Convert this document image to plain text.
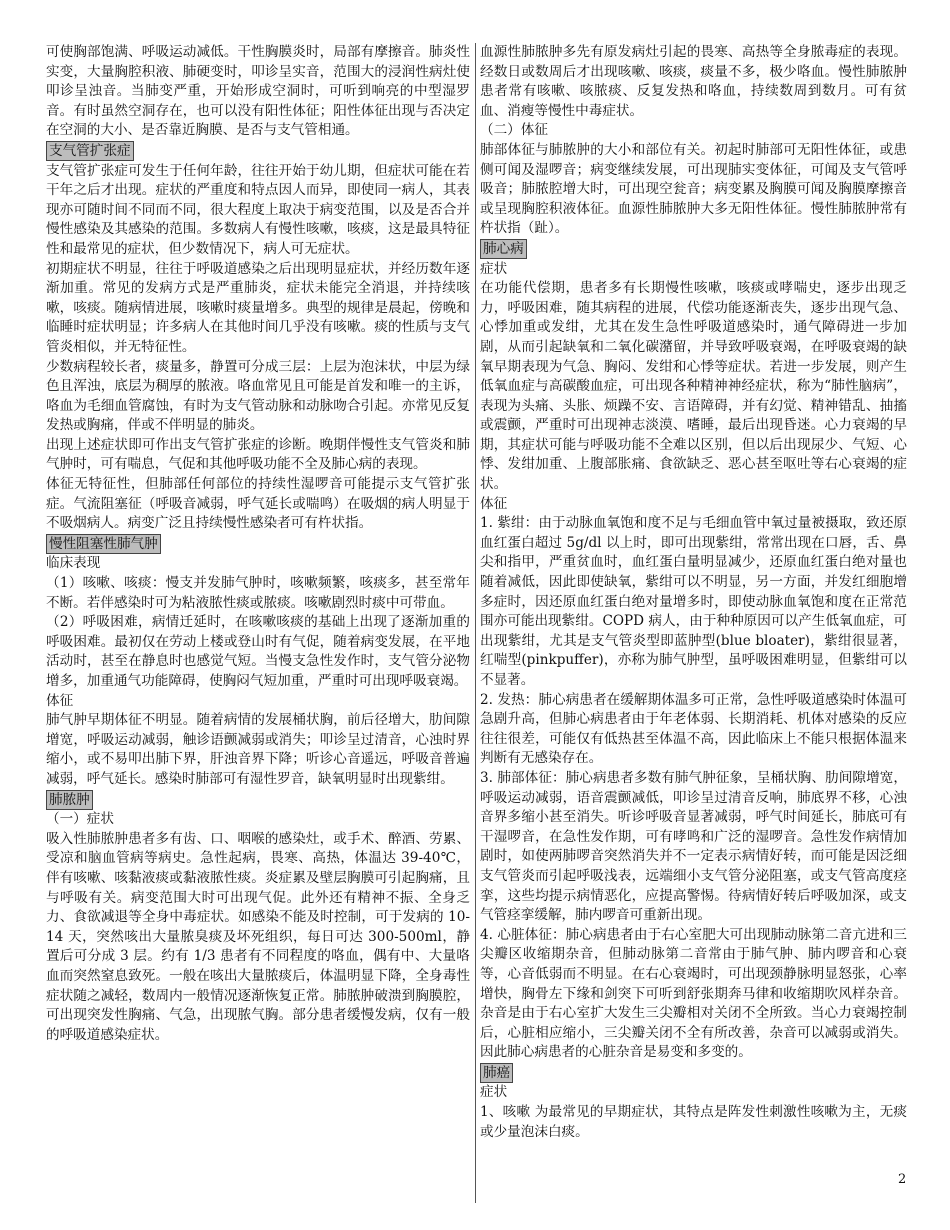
可使胸部饱满、呼吸运动减低。干性胸膜炎时，局部有摩擦音。肺炎性实变，大量胸腔积液、肺硬变时，叩诊呈实音，范围大的浸润性病灶使叩诊呈浊音。当肺变严重，开始形成空洞时，可听到响亮的中型湿罗音。有时虽然空洞存在，也可以没有阳性体征；阳性体征出现与否决定在空洞的大小、是否靠近胸膜、是否与支气管相通。

支气管扩张症

支气管扩张症可发生于任何年龄，往往开始于幼儿期，但症状可能在若干年之后才出现。症状的严重度和特点因人而异，即使同一病人，其表现亦可随时间不同而不同，很大程度上取决于病变范围，以及是否合并慢性感染及其感染的范围。多数病人有慢性咳嗽，咳痰，这是最具特征性和最常见的症状，但少数情况下，病人可无症状。

初期症状不明显，往往于呼吸道感染之后出现明显症状，并经历数年逐渐加重。常见的发病方式是严重肺炎，症状未能完全消退，并持续咳嗽，咳痰。随病情进展，咳嗽时痰量增多。典型的规律是晨起，傍晚和临睡时症状明显；许多病人在其他时间几乎没有咳嗽。痰的性质与支气管炎相似，并无特征性。

少数病程较长者，痰量多，静置可分成三层：上层为泡沫状，中层为绿色且浑浊，底层为稠厚的脓液。咯血常见且可能是首发和唯一的主诉，咯血为毛细血管腐蚀，有时为支气管动脉和动脉吻合引起。亦常见反复发热或胸痛，伴或不伴明显的肺炎。

出现上述症状即可作出支气管扩张症的诊断。晚期伴慢性支气管炎和肺气肿时，可有喘息，气促和其他呼吸功能不全及肺心病的表现。

体征无特征性，但肺部任何部位的持续性湿啰音可能提示支气管扩张症。气流阻塞征（呼吸音减弱，呼气延长或喘鸣）在吸烟的病人明显于不吸烟病人。病变广泛且持续慢性感染者可有杵状指。

慢性阻塞性肺气肿

临床表现

（1）咳嗽、咳痰：慢支并发肺气肿时，咳嗽频繁，咳痰多，甚至常年不断。若伴感染时可为粘液脓性痰或脓痰。咳嗽剧烈时痰中可带血。

（2）呼吸困难，病情迁延时，在咳嗽咳痰的基础上出现了逐渐加重的呼吸困难。最初仅在劳动上楼或登山时有气促，随着病变发展，在平地活动时，甚至在静息时也感觉气短。当慢支急性发作时，支气管分泌物增多，加重通气功能障碍，使胸闷气短加重，严重时可出现呼吸衰竭。

体征

肺气肿早期体征不明显。随着病情的发展桶状胸，前后径增大，肋间隙增宽，呼吸运动减弱，触诊语颤减弱或消失；叩诊呈过清音，心浊时界缩小，或不易叩出肺下界，肝浊音界下降；听诊心音遥远，呼吸音普遍减弱，呼气延长。感染时肺部可有湿性罗音，缺氧明显时出现紫绀。

肺脓肿

（一）症状

吸入性肺脓肿患者多有齿、口、咽喉的感染灶，或手术、醉酒、劳累、受凉和脑血管病等病史。急性起病，畏寒、高热，体温达 39-40℃，伴有咳嗽、咳黏液痰或黏液脓性痰。炎症累及壁层胸膜可引起胸痛，且与呼吸有关。病变范围大时可出现气促。此外还有精神不振、全身乏力、食欲减退等全身中毒症状。如感染不能及时控制，可于发病的 10-14 天，突然咳出大量脓臭痰及坏死组织，每日可达 300-500ml，静置后可分成 3 层。约有 1/3 患者有不同程度的咯血，偶有中、大量咯血而突然窒息致死。一般在咳出大量脓痰后，体温明显下降，全身毒性症状随之减轻，数周内一般情况逐渐恢复正常。肺脓肿破溃到胸膜腔，可出现突发性胸痛、气急，出现脓气胸。部分患者缓慢发病，仅有一般的呼吸道感染症状。

血源性肺脓肿多先有原发病灶引起的畏寒、高热等全身脓毒症的表现。经数日或数周后才出现咳嗽、咳痰，痰量不多，极少咯血。慢性肺脓肿患者常有咳嗽、咳脓痰、反复发热和咯血，持续数周到数月。可有贫血、消瘦等慢性中毒症状。

（二）体征

肺部体征与肺脓肿的大小和部位有关。初起时肺部可无阳性体征，或患侧可闻及湿啰音；病变继续发展，可出现肺实变体征，可闻及支气管呼吸音；肺脓腔增大时，可出现空瓮音；病变累及胸膜可闻及胸膜摩擦音或呈现胸腔积液体征。血源性肺脓肿大多无阳性体征。慢性肺脓肿常有杵状指（趾）。

肺心病

症状

在功能代偿期，患者多有长期慢性咳嗽，咳痰或哮喘史，逐步出现乏力，呼吸困难，随其病程的进展，代偿功能逐渐丧失，逐步出现气急、心悸加重或发绀，尤其在发生急性呼吸道感染时，通气障碍进一步加剧，从而引起缺氧和二氧化碳潴留，并导致呼吸衰竭，在呼吸衰竭的缺氧早期表现为气急、胸闷、发绀和心悸等症状。若进一步发展，则产生低氧血症与高碳酸血症，可出现各种精神神经症状，称为“肺性脑病”，表现为头痛、头胀、烦躁不安、言语障碍，并有幻觉、精神错乱、抽搐或震颤，严重时可出现神志淡漠、嗜睡，最后出现昏迷。心力衰竭的早期，其症状可能与呼吸功能不全难以区别，但以后出现尿少、气短、心悸、发绀加重、上腹部胀痛、食欲缺乏、恶心甚至呕吐等右心衰竭的症状。

体征

1. 紫绀：由于动脉血氧饱和度不足与毛细血管中氧过量被摄取，致还原血红蛋白超过 5g/dl 以上时，即可出现紫绀，常常出现在口唇，舌、鼻尖和指甲，严重贫血时，血红蛋白量明显减少，还原血红蛋白绝对量也随着减低，因此即使缺氧，紫绀可以不明显，另一方面，并发红细胞增多症时，因还原血红蛋白绝对量增多时，即使动脉血氧饱和度在正常范围亦可能出现紫绀。COPD 病人，由于种种原因可以产生低氧血症，可出现紫绀，尤其是支气管炎型即蓝肿型(blue bloater)，紫绀很显著，红喘型(pinkpuffer)，亦称为肺气肿型，虽呼吸困难明显，但紫绀可以不显著。

2. 发热：肺心病患者在缓解期体温多可正常，急性呼吸道感染时体温可急剧升高，但肺心病患者由于年老体弱、长期消耗、机体对感染的反应往往很差，可能仅有低热甚至体温不高，因此临床上不能只根据体温来判断有无感染存在。

3. 肺部体征：肺心病患者多数有肺气肿征象，呈桶状胸、肋间隙增宽，呼吸运动减弱，语音震颤减低，叩诊呈过清音反响，肺底界不移，心浊音界多缩小甚至消失。听诊呼吸音显著减弱，呼气时间延长，肺底可有干湿啰音，在急性发作期，可有哮鸣和广泛的湿啰音。急性发作病情加剧时，如使两肺啰音突然消失并不一定表示病情好转，而可能是因泛细支气管炎而引起呼吸浅表，远端细小支气管分泌阻塞，或支气管高度痉挛，这些均提示病情恶化，应提高警惕。待病情好转后呼吸加深，或支气管痉挛缓解，肺内啰音可重新出现。

4. 心脏体征：肺心病患者由于右心室肥大可出现肺动脉第二音亢进和三尖瓣区收缩期杂音，但肺动脉第二音常由于肺气肿、肺内啰音和心衰等，心音低弱而不明显。在右心衰竭时，可出现颈静脉明显怒张，心率增快，胸骨左下缘和剑突下可听到舒张期奔马律和收缩期吹风样杂音。杂音是由于右心室扩大发生三尖瓣相对关闭不全所致。当心力衰竭控制后，心脏相应缩小，三尖瓣关闭不全有所改善，杂音可以减弱或消失。因此肺心病患者的心脏杂音是易变和多变的。

肺癌

症状

1、咳嗽 为最常见的早期症状，其特点是阵发性刺激性咳嗽为主，无痰或少量泡沫白痰。

2
